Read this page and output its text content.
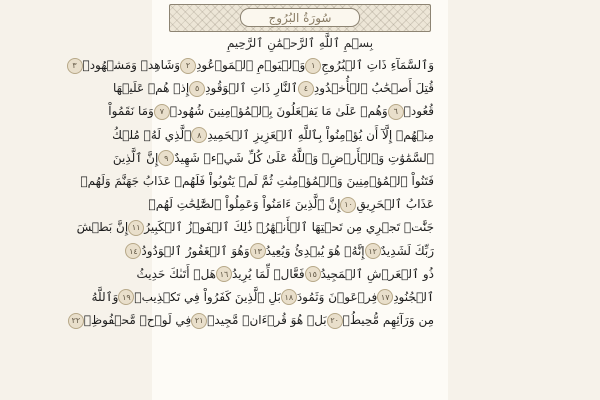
سُورَةُ البُرُوجِ
بِسۡمِ ٱللَّهِ ٱلرَّحۡمَٰنِ ٱلرَّحِيمِ
وَٱلسَّمَآءِ ذَاتِ ٱلۡبُرُوجِ
١
وَٱلۡيَوۡمِ ٱلۡمَوۡعُودِ
٢
وَشَاهِدٖ وَمَشۡهُودٖ
٣
قُتِلَ أَصۡحَٰبُ ٱلۡأُخۡدُودِ
٤
ٱلنَّارِ ذَاتِ ٱلۡوَقُودِ
٥
إِذۡ هُمۡ عَلَيۡهَا
قُعُودٞ
٦
وَهُمۡ عَلَىٰ مَا يَفۡعَلُونَ بِٱلۡمُؤۡمِنِينَ شُهُودٞ
٧
وَمَا نَقَمُواْ
مِنۡهُمۡ إِلَّآ أَن يُؤۡمِنُواْ بِٱللَّهِ ٱلۡعَزِيزِ ٱلۡحَمِيدِ
٨
ٱلَّذِي لَهُۥ مُلۡكُ
ٱلسَّمَٰوَٰتِ وَٱلۡأَرۡضِۚ وَٱللَّهُ عَلَىٰ كُلِّ شَيۡءٖ شَهِيدٌ
٩
إِنَّ ٱلَّذِينَ
فَتَنُواْ ٱلۡمُؤۡمِنِينَ وَٱلۡمُؤۡمِنَٰتِ ثُمَّ لَمۡ يَتُوبُواْ فَلَهُمۡ عَذَابُ جَهَنَّمَ وَلَهُمۡ
عَذَابُ ٱلۡحَرِيقِ
١٠
إِنَّ ٱلَّذِينَ ءَامَنُواْ وَعَمِلُواْ ٱلصَّٰلِحَٰتِ لَهُمۡ
جَنَّٰتٞ تَجۡرِي مِن تَحۡتِهَا ٱلۡأَنۡهَٰرُۚ ذَٰلِكَ ٱلۡفَوۡزُ ٱلۡكَبِيرُ
١١
إِنَّ بَطۡشَ
رَبِّكَ لَشَدِيدٌ
١٢
إِنَّهُۥ هُوَ يُبۡدِئُ وَيُعِيدُ
١٣
وَهُوَ ٱلۡغَفُورُ ٱلۡوَدُودُ
١٤
ذُو ٱلۡعَرۡشِ ٱلۡمَجِيدُ
١٥
فَعَّالٞ لِّمَا يُرِيدُ
١٦
هَلۡ أَتَىٰكَ حَدِيثُ
ٱلۡجُنُودِ
١٧
فِرۡعَوۡنَ وَثَمُودَ
١٨
بَلِ ٱلَّذِينَ كَفَرُواْ فِي تَكۡذِيبٖ
١٩
وَٱللَّهُ
مِن وَرَآئِهِم مُّحِيطُۢ
٢٠
بَلۡ هُوَ قُرۡءَانٞ مَّجِيدٞ
٢١
فِي لَوۡحٖ مَّحۡفُوظِۭ
٢٢
